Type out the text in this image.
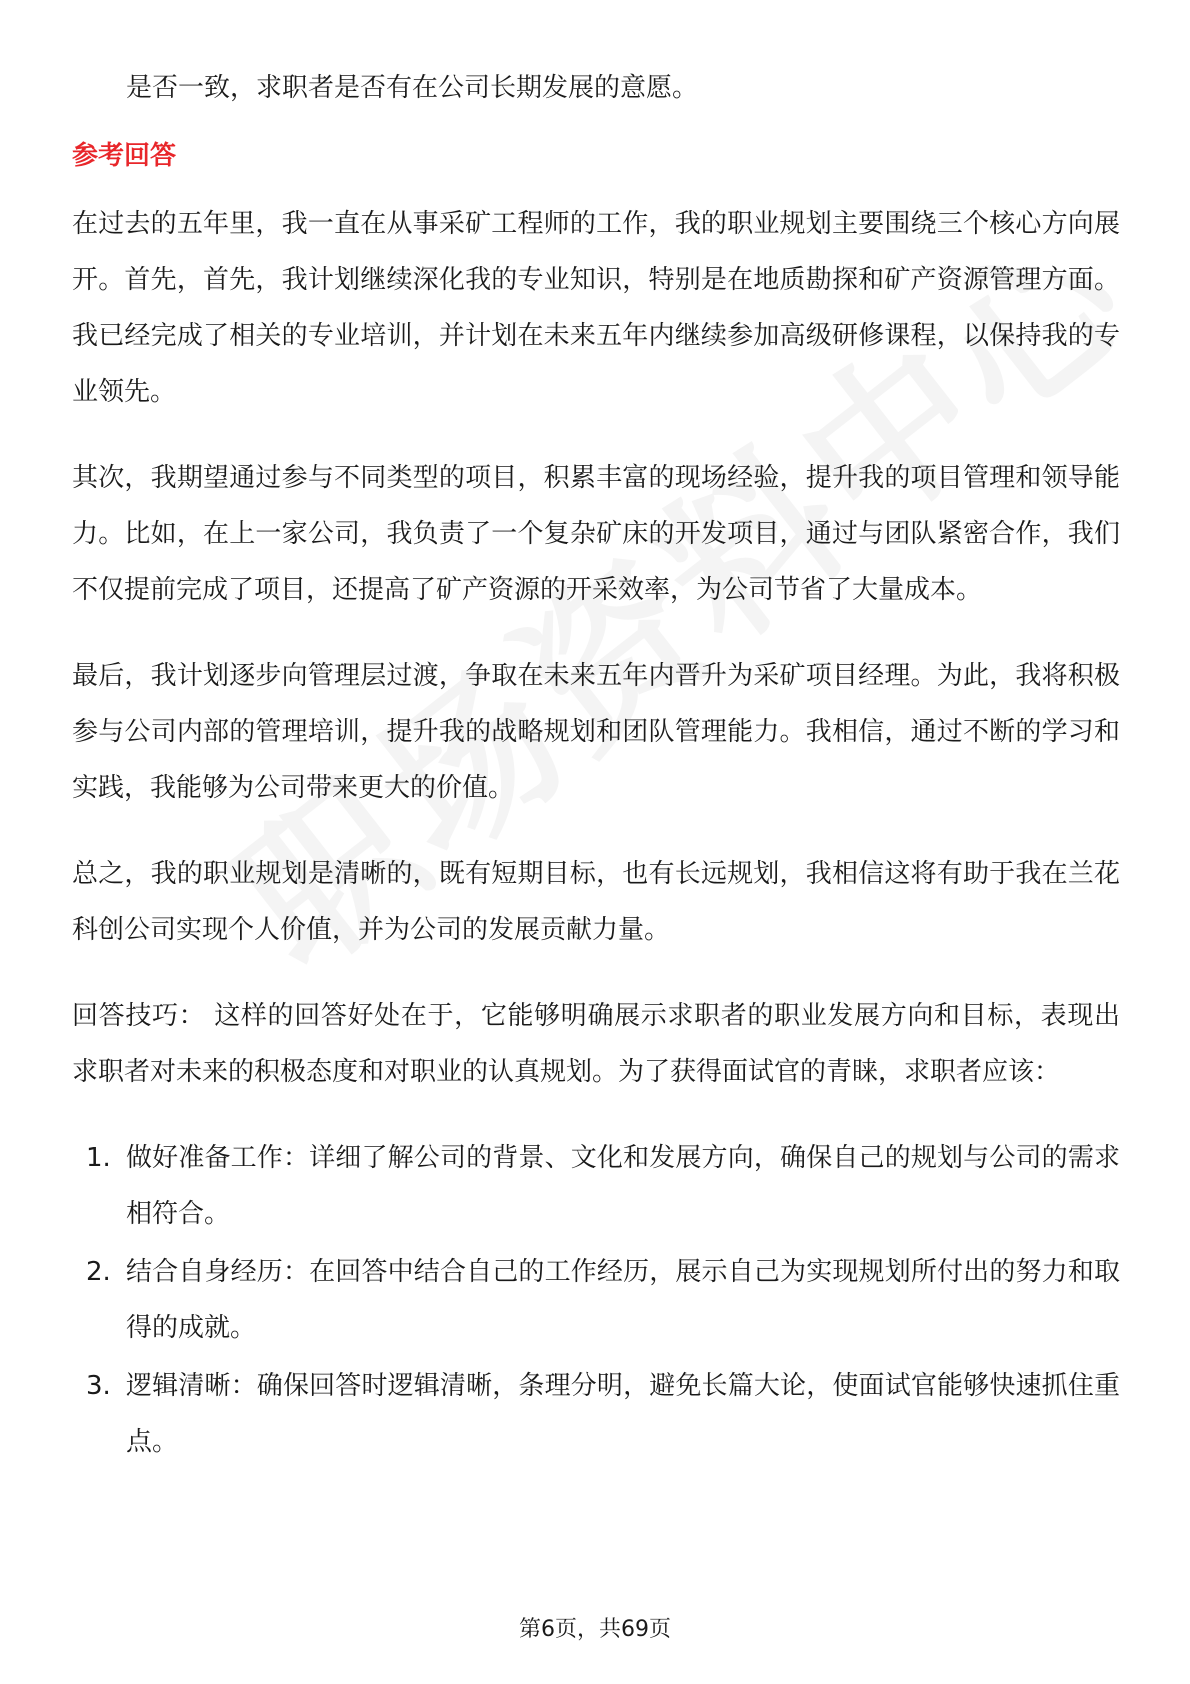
是否一致，求职者是否有在公司长期发展的意愿。

参考回答

在过去的五年里，我一直在从事采矿工程师的工作，我的职业规划主要围绕三个核心方向展开。首先，首先，我计划继续深化我的专业知识，特别是在地质勘探和矿产资源管理方面。我已经完成了相关的专业培训，并计划在未来五年内继续参加高级研修课程，以保持我的专业领先。

其次，我期望通过参与不同类型的项目，积累丰富的现场经验，提升我的项目管理和领导能力。比如，在上一家公司，我负责了一个复杂矿床的开发项目，通过与团队紧密合作，我们不仅提前完成了项目，还提高了矿产资源的开采效率，为公司节省了大量成本。

最后，我计划逐步向管理层过渡，争取在未来五年内晋升为采矿项目经理。为此，我将积极参与公司内部的管理培训，提升我的战略规划和团队管理能力。我相信，通过不断的学习和实践，我能够为公司带来更大的价值。

总之，我的职业规划是清晰的，既有短期目标，也有长远规划，我相信这将有助于我在兰花科创公司实现个人价值，并为公司的发展贡献力量。

回答技巧： 这样的回答好处在于，它能够明确展示求职者的职业发展方向和目标，表现出求职者对未来的积极态度和对职业的认真规划。为了获得面试官的青睐，求职者应该：

1. 做好准备工作：详细了解公司的背景、文化和发展方向，确保自己的规划与公司的需求相符合。
2. 结合自身经历：在回答中结合自己的工作经历，展示自己为实现规划所付出的努力和取得的成就。
3. 逻辑清晰：确保回答时逻辑清晰，条理分明，避免长篇大论，使面试官能够快速抓住重点。
第6页，共69页
